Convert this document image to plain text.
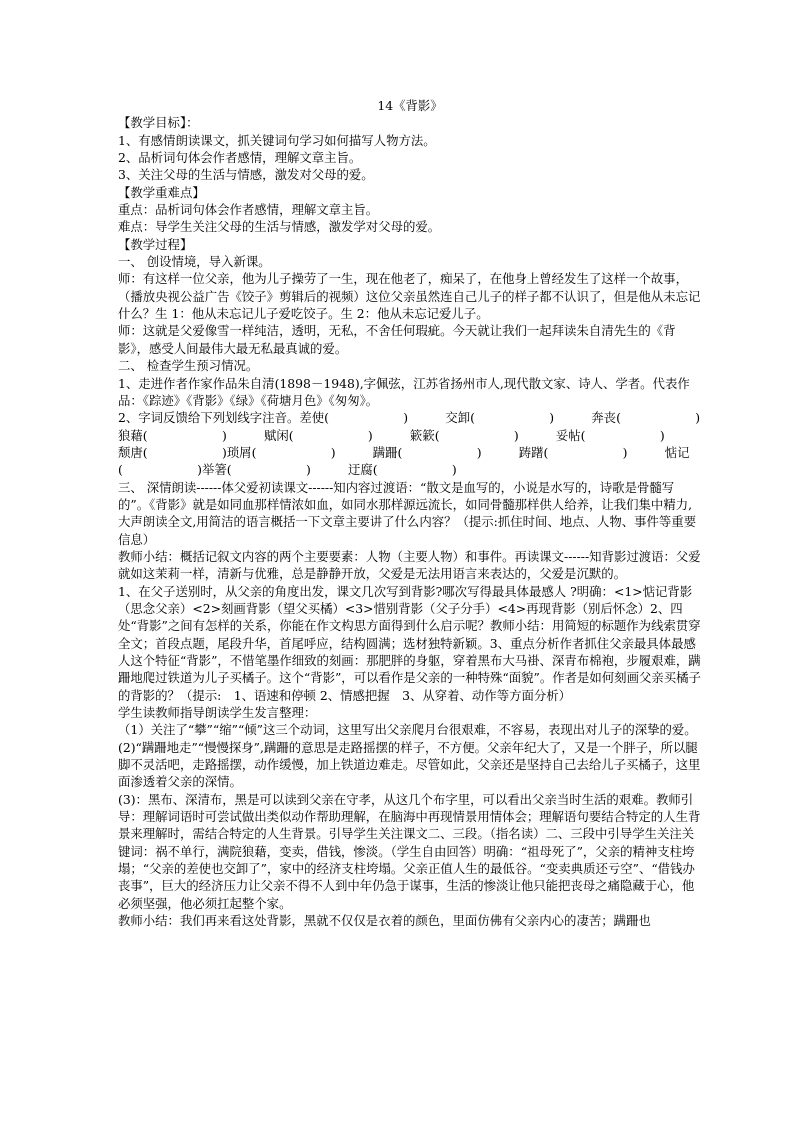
14《背影》

【教学目标】：

1、有感情朗读课文，抓关键词句学习如何描写人物方法。

2、品析词句体会作者感情，理解文章主旨。

3、关注父母的生活与情感，激发对父母的爱。

【教学重难点】

重点：品析词句体会作者感情，理解文章主旨。

难点：导学生关注父母的生活与情感，激发学对父母的爱。

【教学过程】

一、 创设情境，导入新课。

师：有这样一位父亲，他为儿子操劳了一生，现在他老了，痴呆了，在他身上曾经发生了这样一个故事，（播放央视公益广告《饺子》剪辑后的视频）这位父亲虽然连自己儿子的样子都不认识了，但是他从未忘记什么？生 1：他从未忘记儿子爱吃饺子。生 2：他从未忘记爱儿子。

师：这就是父爱像雪一样纯洁，透明，无私，不舍任何瑕疵。今天就让我们一起拜读朱自清先生的《背影》，感受人间最伟大最无私最真诚的爱。

二、 检查学生预习情况。

1、走进作者作家作品朱自清(1898－1948),字佩弦，江苏省扬州市人,现代散文家、诗人、学者。代表作品：《踪迹》《背影》《绿》《荷塘月色》《匆匆》。

2、字词反馈给下列划线字注音。差使(　　　　　　)　　　交卸(　　　　　　)　　　奔丧(　　　　　　)狼藉(　　　　　　)　　　赋闲(　　　　　　)　　　簌簌(　　　　　　)　　　妥帖(　　　　　　)　　　颓唐(　　　　　　)琐屑(　　　　　　)　　　蹒跚(　　　　　　)　　　踌躇(　　　　　　)　　　惦记(　　　　　　)举箸(　　　　　　)　　　迂腐(　　　　　　)

三、 深情朗读------体父爱初读课文------知内容过渡语：“散文是血写的，小说是水写的，诗歌是骨髓写的”。《背影》就是如同血那样情浓如血，如同水那样源远流长，如同骨髓那样供人给养，让我们集中精力,大声朗读全文,用简洁的语言概括一下文章主要讲了什么内容？（提示:抓住时间、地点、人物、事件等重要信息）

教师小结：概括记叙文内容的两个主要要素：人物（主要人物）和事件。再读课文------知背影过渡语：父爱就如这茉莉一样，清新与优雅，总是静静开放，父爱是无法用语言来表达的，父爱是沉默的。

1、在父子送别时，从父亲的角度出发，课文几次写到背影?哪次写得最具体最感人 ?明确：<1>惦记背影（思念父亲）<2>刻画背影（望父买橘）<3>惜别背影（父子分手）<4>再现背影（别后怀念）2、四处“背影”之间有怎样的关系，你能在作文构思方面得到什么启示呢？教师小结：用简短的标题作为线索贯穿全文；首段点题，尾段升华，首尾呼应，结构圆满；选材独特新颖。3、重点分析作者抓住父亲最具体最感人这个特征“背影”，不惜笔墨作细致的刻画：那肥胖的身躯，穿着黑布大马褂、深青布棉袍，步履艰难，蹒跚地爬过铁道为儿子买橘子。这个“背影”，可以看作是父亲的一种特殊“面貌”。作者是如何刻画父亲买橘子的背影的？（提示:　1、语速和停顿 2、情感把握　3、从穿着、动作等方面分析）

学生读教师指导朗读学生发言整理：

（1）关注了“攀”“缩”“倾”这三个动词，这里写出父亲爬月台很艰难，不容易，表现出对儿子的深挚的爱。

(2)“蹒跚地走”“慢慢探身”,蹒跚的意思是走路摇摆的样子，不方便。父亲年纪大了，又是一个胖子，所以腿脚不灵活吧，走路摇摆，动作缓慢，加上铁道边难走。尽管如此，父亲还是坚持自己去给儿子买橘子，这里面渗透着父亲的深情。

(3)：黑布、深清布，黑是可以读到父亲在守孝，从这几个布字里，可以看出父亲当时生活的艰难。教师引导：理解词语时可尝试做出类似动作帮助理解，在脑海中再现情景用情体会；理解语句要结合特定的人生背景来理解时，需结合特定的人生背景。引导学生关注课文二、三段。（指名读）二、三段中引导学生关注关键词：祸不单行，满院狼藉，变卖，借钱，惨淡。（学生自由回答）明确：“祖母死了”，父亲的精神支柱垮塌；“父亲的差使也交卸了”，家中的经济支柱垮塌。父亲正值人生的最低谷。“变卖典质还亏空”、“借钱办丧事”，巨大的经济压力让父亲不得不人到中年仍急于谋事，生活的惨淡让他只能把丧母之痛隐藏于心，他必须坚强，他必须扛起整个家。

教师小结：我们再来看这处背影，黑就不仅仅是衣着的颜色，里面仿佛有父亲内心的凄苦；蹒跚也
